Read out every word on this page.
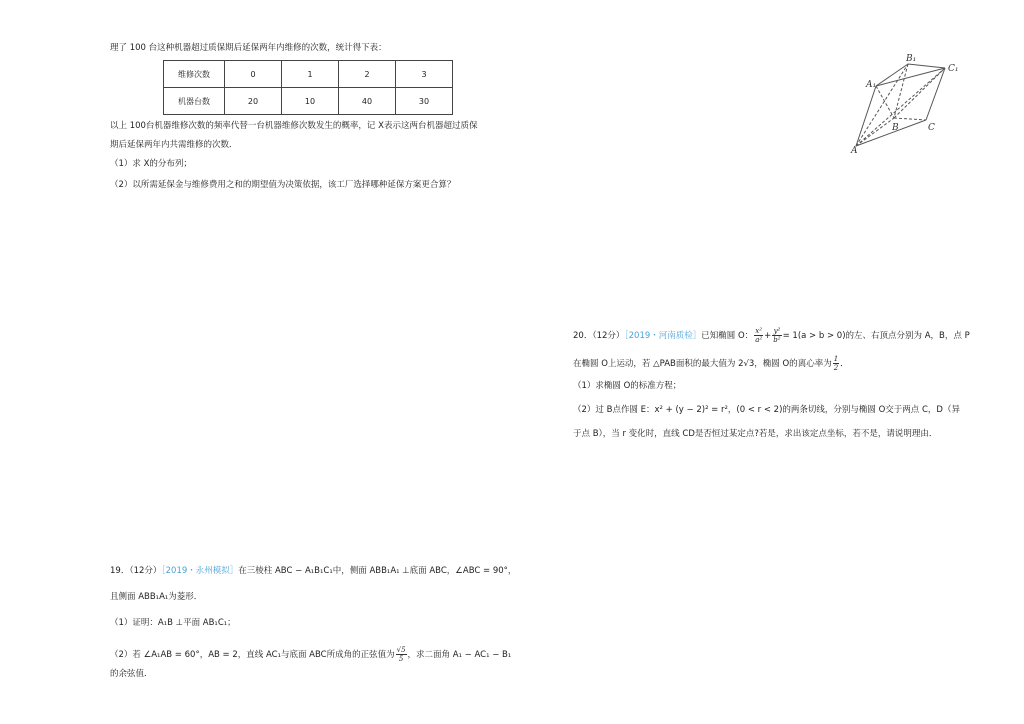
理了 100 台这种机器超过质保期后延保两年内维修的次数，统计得下表：
维修次数	0	1	2	3
机器台数	20	10	40	30
以上 100台机器维修次数的频率代替一台机器维修次数发生的概率，记 X表示这两台机器超过质保
期后延保两年内共需维修的次数．
（1）求 X的分布列；
（2）以所需延保金与维修费用之和的期望值为决策依据，该工厂选择哪种延保方案更合算？
B₁
C₁
A₁
B	C
A
20．（12分）［2019・河南质检］已知椭圆 O： $\frac{\text{x²}}{\text{a²}} + \frac{\text{y²}}{\text{b²}} = 1(a > b > 0)$的左、右顶点分别为 A，B，点 P
在椭圆 O上运动，若 △PAB面积的最大值为 2√3，椭圆 O的离心率为 $\frac{1}{2}$ ．
（1）求椭圆 O的标准方程；
（2）过 B点作圆 E：x² + (y − 2)² = r²，(0 < r < 2)的两条切线，分别与椭圆 O交于两点 C，D（异
于点 B），当 r 变化时，直线 CD是否恒过某定点?若是，求出该定点坐标，若不是，请说明理由．
19．（12分）［2019・永州模拟］在三棱柱 ABC − A₁B₁C₁中，侧面 ABB₁A₁ ⊥底面 ABC，∠ABC = 90°，
且侧面 ABB₁A₁为菱形．
（1）证明：A₁B ⊥平面 AB₁C₁；
（2）若 ∠A₁AB = 60°，AB = 2，直线 AC₁与底面 ABC所成角的正弦值为 $\frac{√5}{5}$ ，求二面角 A₁ − AC₁ − B₁
的余弦值．
